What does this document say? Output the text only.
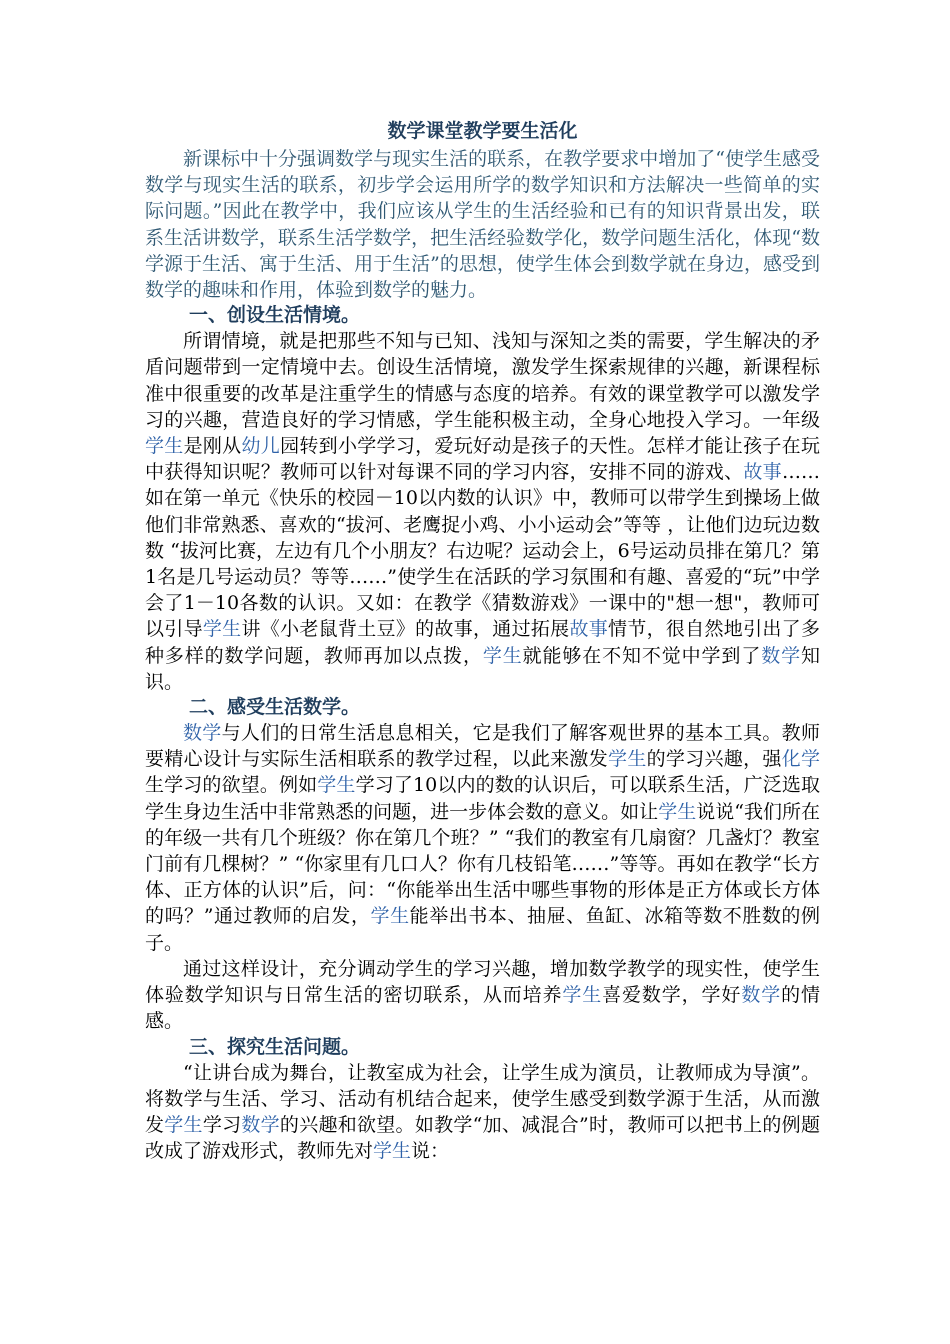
数学课堂教学要生活化

新课标中十分强调数学与现实生活的联系，在教学要求中增加了“使学生感受数学与现实生活的联系，初步学会运用所学的数学知识和方法解决一些简单的实际问题。”因此在教学中，我们应该从学生的生活经验和已有的知识背景出发，联系生活讲数学，联系生活学数学，把生活经验数学化，数学问题生活化，体现“数学源于生活、寓于生活、用于生活”的思想，使学生体会到数学就在身边，感受到数学的趣味和作用，体验到数学的魅力。

一、创设生活情境。

所谓情境，就是把那些不知与已知、浅知与深知之类的需要，学生解决的矛盾问题带到一定情境中去。创设生活情境，激发学生探索规律的兴趣，新课程标准中很重要的改革是注重学生的情感与态度的培养。有效的课堂教学可以激发学习的兴趣，营造良好的学习情感，学生能积极主动，全身心地投入学习。一年级学生是刚从幼儿园转到小学学习，爱玩好动是孩子的天性。怎样才能让孩子在玩中获得知识呢？教师可以针对每课不同的学习内容，安排不同的游戏、故事……如在第一单元《快乐的校园－10以内数的认识》中，教师可以带学生到操场上做他们非常熟悉、喜欢的“拔河、老鹰捉小鸡、小小运动会”等等 ，让他们边玩边数数 “拔河比赛，左边有几个小朋友？右边呢？运动会上，6号运动员排在第几？第1名是几号运动员？等等……”使学生在活跃的学习氛围和有趣、喜爱的“玩”中学会了1－10各数的认识。又如：在教学《猜数游戏》一课中的"想一想"，教师可以引导学生讲《小老鼠背土豆》的故事，通过拓展故事情节，很自然地引出了多种多样的数学问题，教师再加以点拨，学生就能够在不知不觉中学到了数学知识。

二、感受生活数学。

数学与人们的日常生活息息相关，它是我们了解客观世界的基本工具。教师要精心设计与实际生活相联系的教学过程，以此来激发学生的学习兴趣，强化学生学习的欲望。例如学生学习了10以内的数的认识后，可以联系生活，广泛选取学生身边生活中非常熟悉的问题，进一步体会数的意义。如让学生说说“我们所在的年级一共有几个班级？你在第几个班？” “我们的教室有几扇窗？几盏灯？教室门前有几棵树？” “你家里有几口人？你有几枝铅笔……”等等。再如在教学“长方体、正方体的认识”后，问：“你能举出生活中哪些事物的形体是正方体或长方体的吗？”通过教师的启发，学生能举出书本、抽屉、鱼缸、冰箱等数不胜数的例子。

通过这样设计，充分调动学生的学习兴趣，增加数学教学的现实性，使学生体验数学知识与日常生活的密切联系，从而培养学生喜爱数学，学好数学的情感。

三、探究生活问题。

“让讲台成为舞台，让教室成为社会，让学生成为演员，让教师成为导演”。将数学与生活、学习、活动有机结合起来，使学生感受到数学源于生活，从而激发学生学习数学的兴趣和欲望。如教学“加、减混合”时，教师可以把书上的例题改成了游戏形式，教师先对学生说：
